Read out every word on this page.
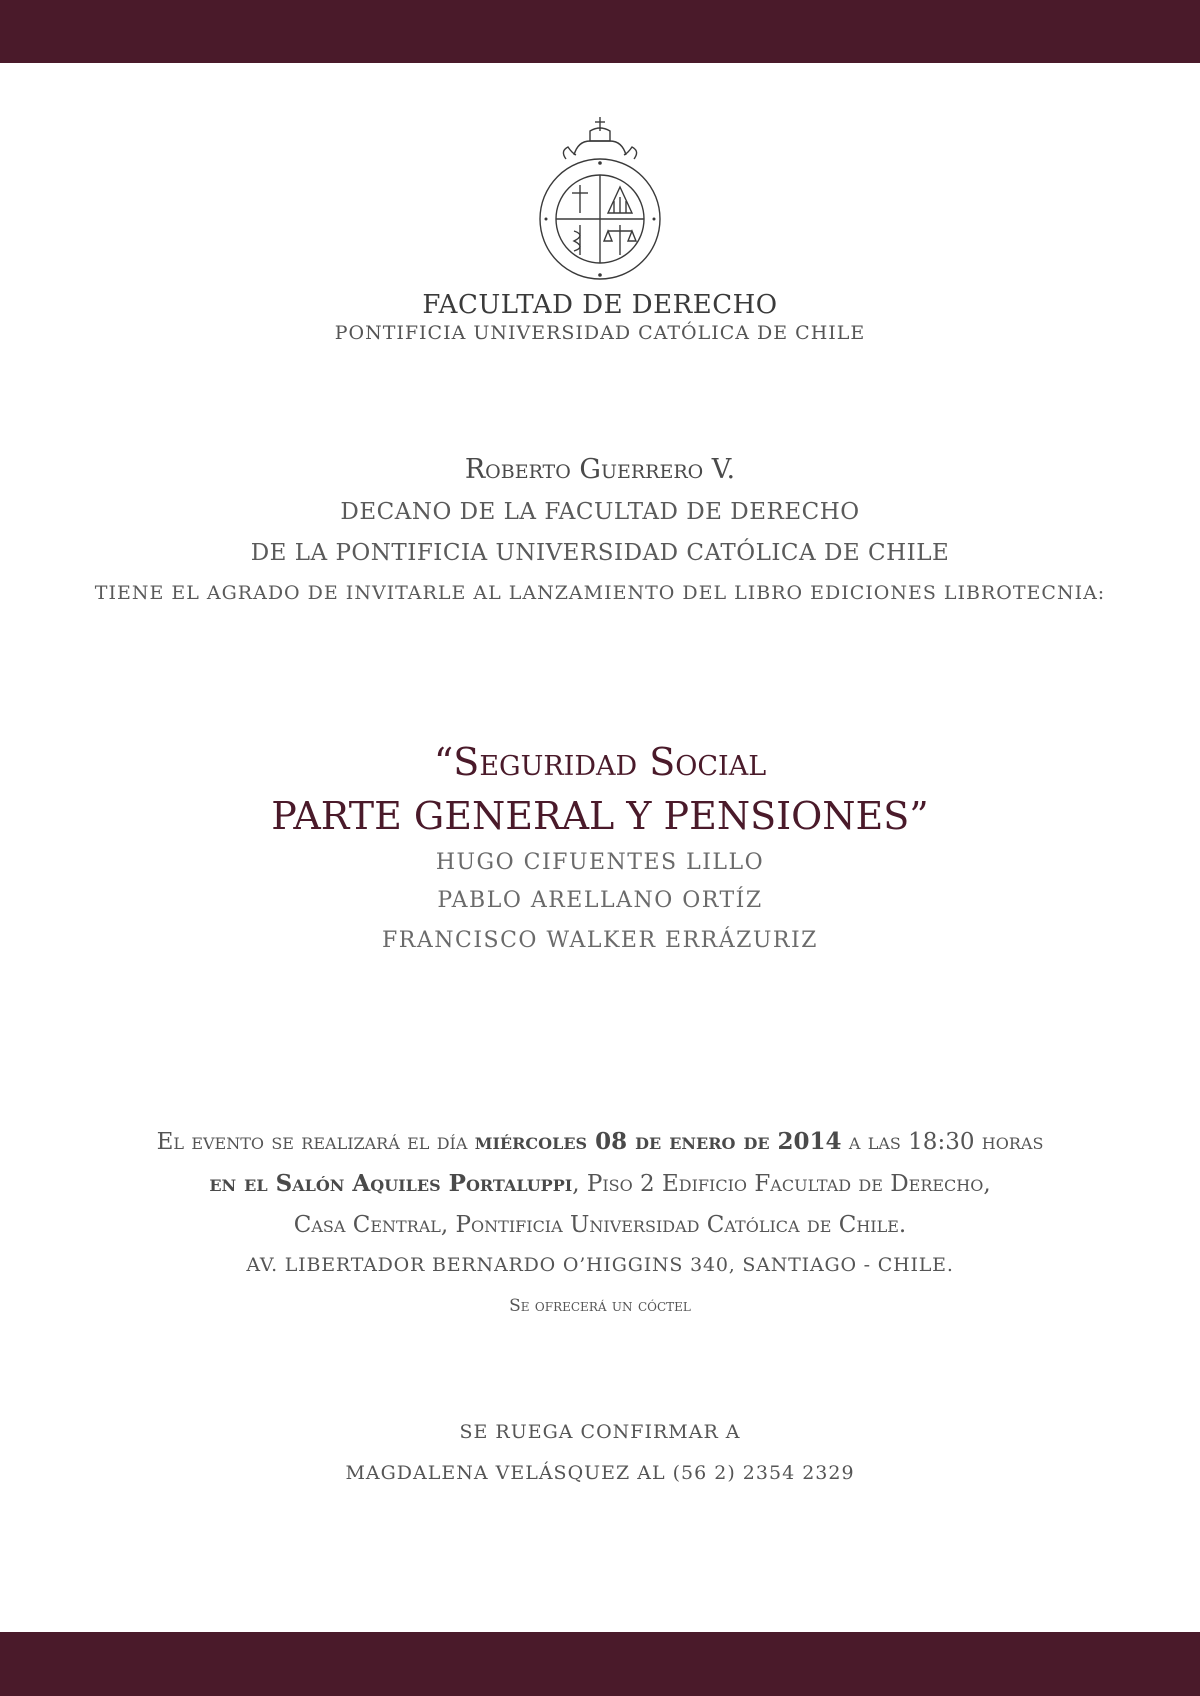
FACULTAD DE DERECHO
PONTIFICIA UNIVERSIDAD CATÓLICA DE CHILE
Roberto Guerrero V.
DECANO DE LA FACULTAD DE DERECHO
DE LA PONTIFICIA UNIVERSIDAD CATÓLICA DE CHILE
TIENE EL AGRADO DE INVITARLE AL LANZAMIENTO DEL LIBRO EDICIONES LIBROTECNIA:
“Seguridad Social
PARTE GENERAL Y PENSIONES”
HUGO CIFUENTES LILLO
PABLO ARELLANO ORTÍZ
FRANCISCO WALKER ERRÁZURIZ
El evento se realizará el día miércoles 08 de enero de 2014 a las 18:30 horas
en el Salón Aquiles Portaluppi, Piso 2 Edificio Facultad de Derecho,
Casa Central, Pontificia Universidad Católica de Chile.
AV. LIBERTADOR BERNARDO O’HIGGINS 340, SANTIAGO - CHILE.
Se ofrecerá un cóctel
SE RUEGA CONFIRMAR A
MAGDALENA VELÁSQUEZ AL (56 2) 2354 2329
